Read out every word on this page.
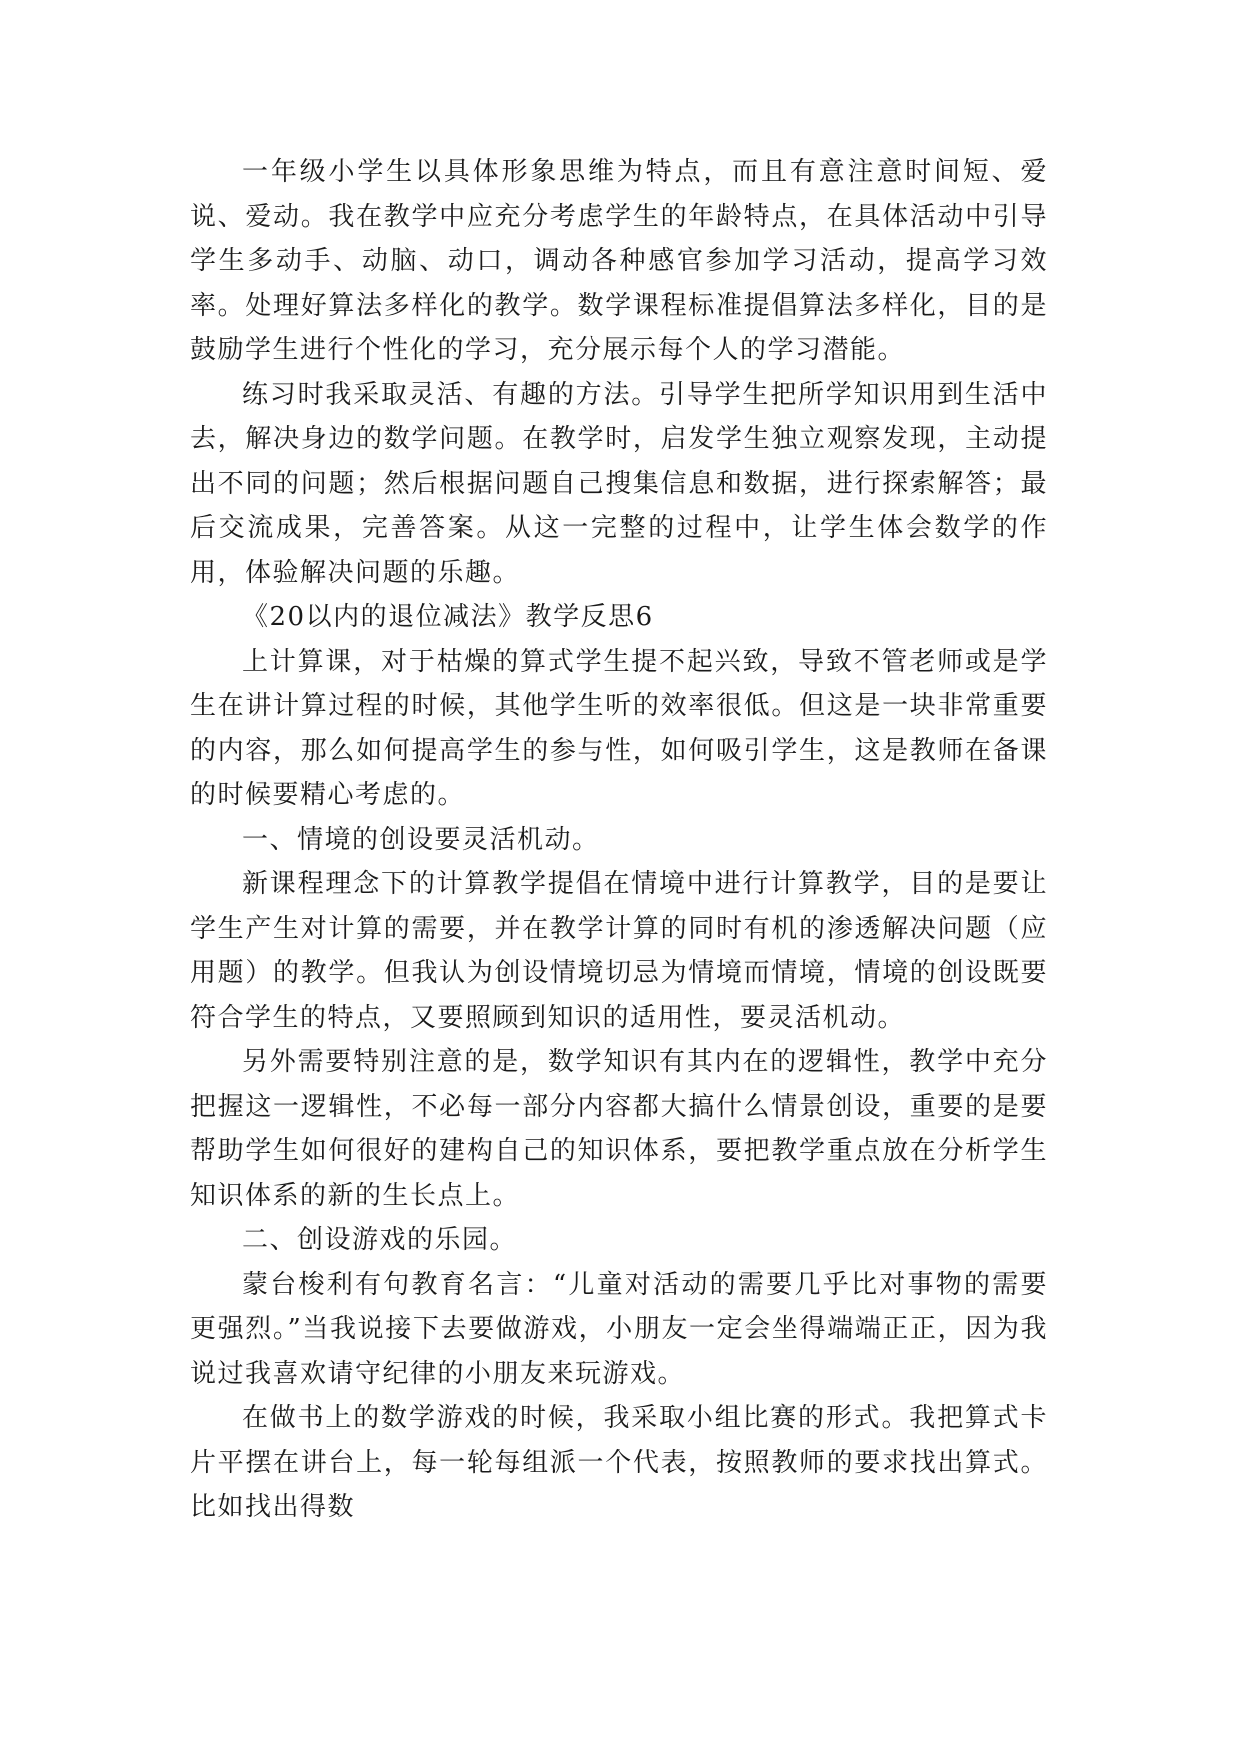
一年级小学生以具体形象思维为特点，而且有意注意时间短、爱说、爱动。我在教学中应充分考虑学生的年龄特点，在具体活动中引导学生多动手、动脑、动口，调动各种感官参加学习活动，提高学习效率。处理好算法多样化的教学。数学课程标准提倡算法多样化，目的是鼓励学生进行个性化的学习，充分展示每个人的学习潜能。

练习时我采取灵活、有趣的方法。引导学生把所学知识用到生活中去，解决身边的数学问题。在教学时，启发学生独立观察发现，主动提出不同的问题；然后根据问题自己搜集信息和数据，进行探索解答；最后交流成果，完善答案。从这一完整的过程中，让学生体会数学的作用，体验解决问题的乐趣。

《20以内的退位减法》教学反思6

上计算课，对于枯燥的算式学生提不起兴致，导致不管老师或是学生在讲计算过程的时候，其他学生听的效率很低。但这是一块非常重要的内容，那么如何提高学生的参与性，如何吸引学生，这是教师在备课的时候要精心考虑的。

一、情境的创设要灵活机动。

新课程理念下的计算教学提倡在情境中进行计算教学，目的是要让学生产生对计算的需要，并在教学计算的同时有机的渗透解决问题（应用题）的教学。但我认为创设情境切忌为情境而情境，情境的创设既要符合学生的特点，又要照顾到知识的适用性，要灵活机动。

另外需要特别注意的是，数学知识有其内在的逻辑性，教学中充分把握这一逻辑性，不必每一部分内容都大搞什么情景创设，重要的是要帮助学生如何很好的建构自己的知识体系，要把教学重点放在分析学生知识体系的新的生长点上。

二、创设游戏的乐园。

蒙台梭利有句教育名言：“儿童对活动的需要几乎比对事物的需要更强烈。”当我说接下去要做游戏，小朋友一定会坐得端端正正，因为我说过我喜欢请守纪律的小朋友来玩游戏。

在做书上的数学游戏的时候，我采取小组比赛的形式。我把算式卡片平摆在讲台上，每一轮每组派一个代表，按照教师的要求找出算式。比如找出得数
